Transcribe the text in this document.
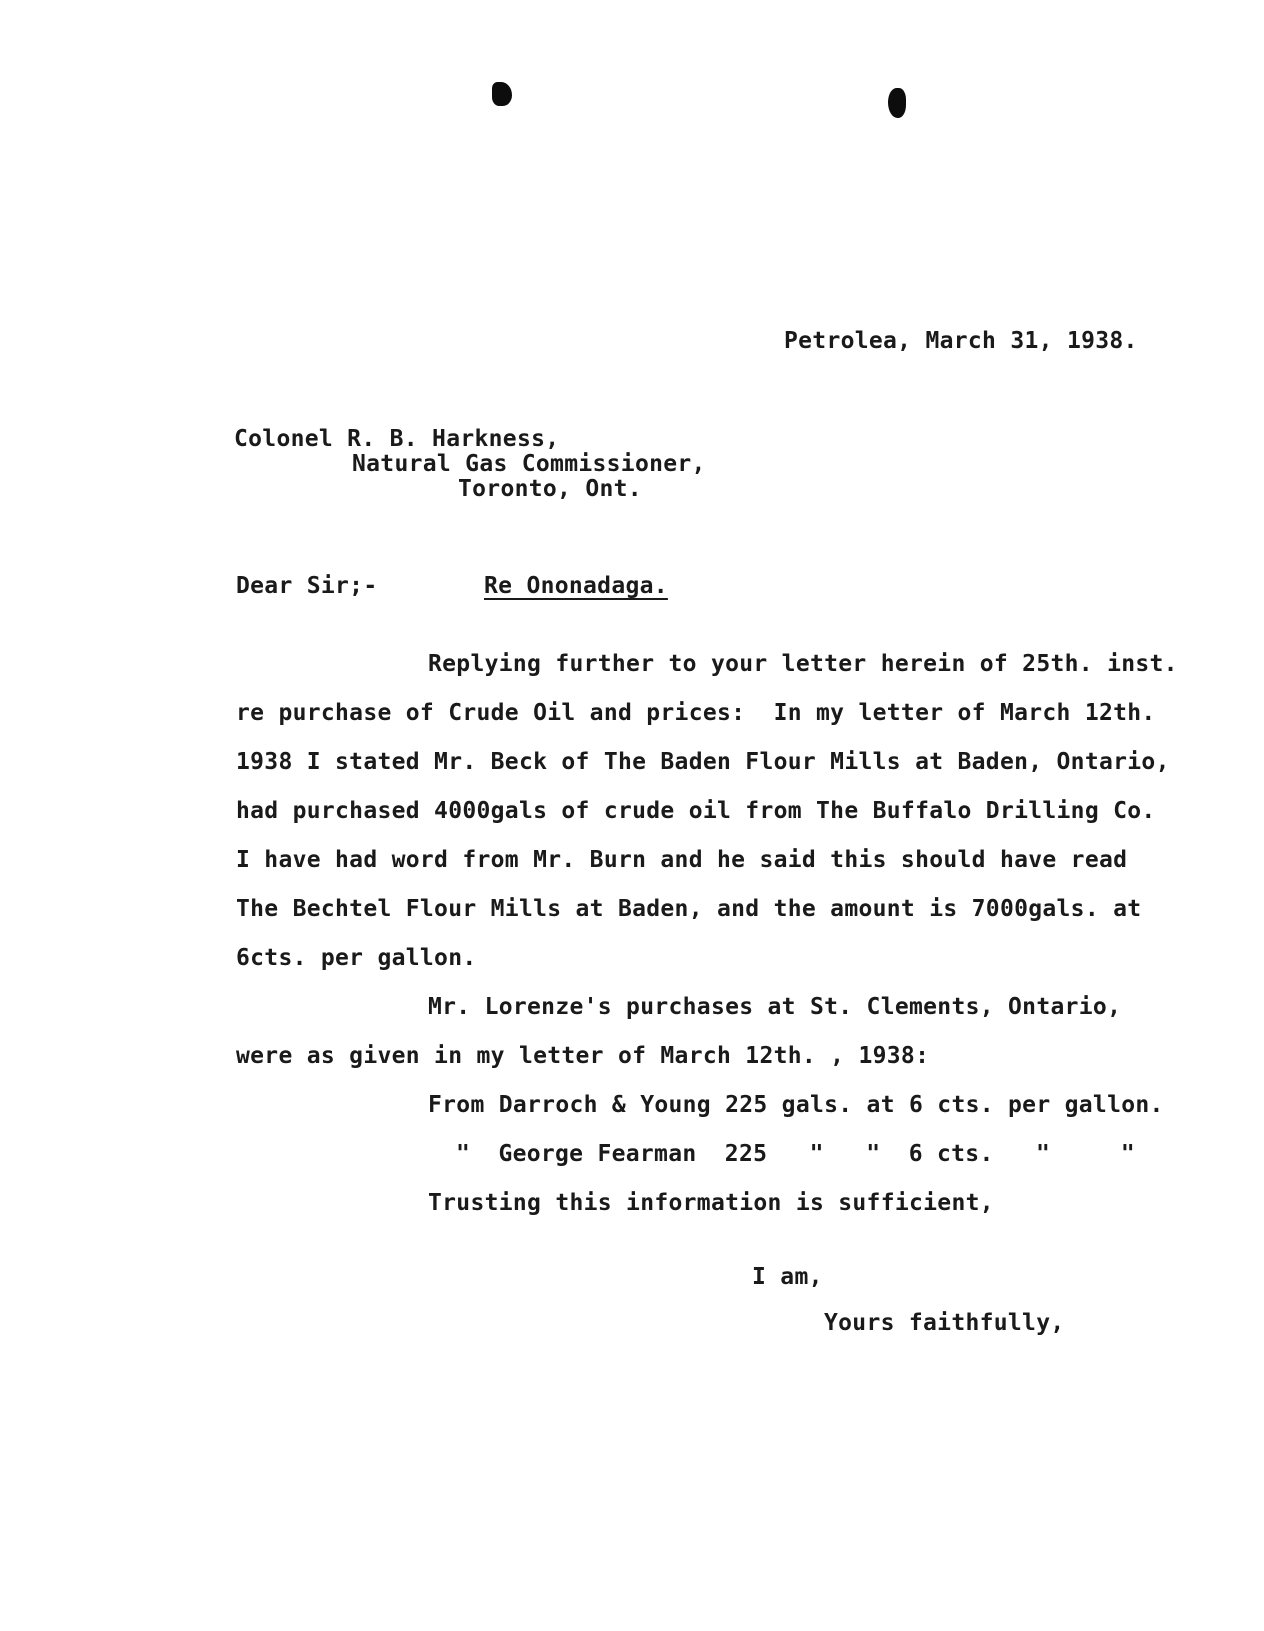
Petrolea, March 31, 1938.
Colonel R. B. Harkness,
Natural Gas Commissioner,
Toronto, Ont.
Dear Sir;-	Re Ononadaga.
Replying further to your letter herein of 25th. inst.
re purchase of Crude Oil and prices:  In my letter of March 12th.
1938 I stated Mr. Beck of The Baden Flour Mills at Baden, Ontario,
had purchased 4000gals of crude oil from The Buffalo Drilling Co.
I have had word from Mr. Burn and he said this should have read
The Bechtel Flour Mills at Baden, and the amount is 7000gals. at
6cts. per gallon.
Mr. Lorenze's purchases at St. Clements, Ontario,
were as given in my letter of March 12th. , 1938:
From Darroch & Young 225 gals. at 6 cts. per gallon.
"  George Fearman  225   "   "  6 cts.   "     "
Trusting this information is sufficient,
I am,
Yours faithfully,
